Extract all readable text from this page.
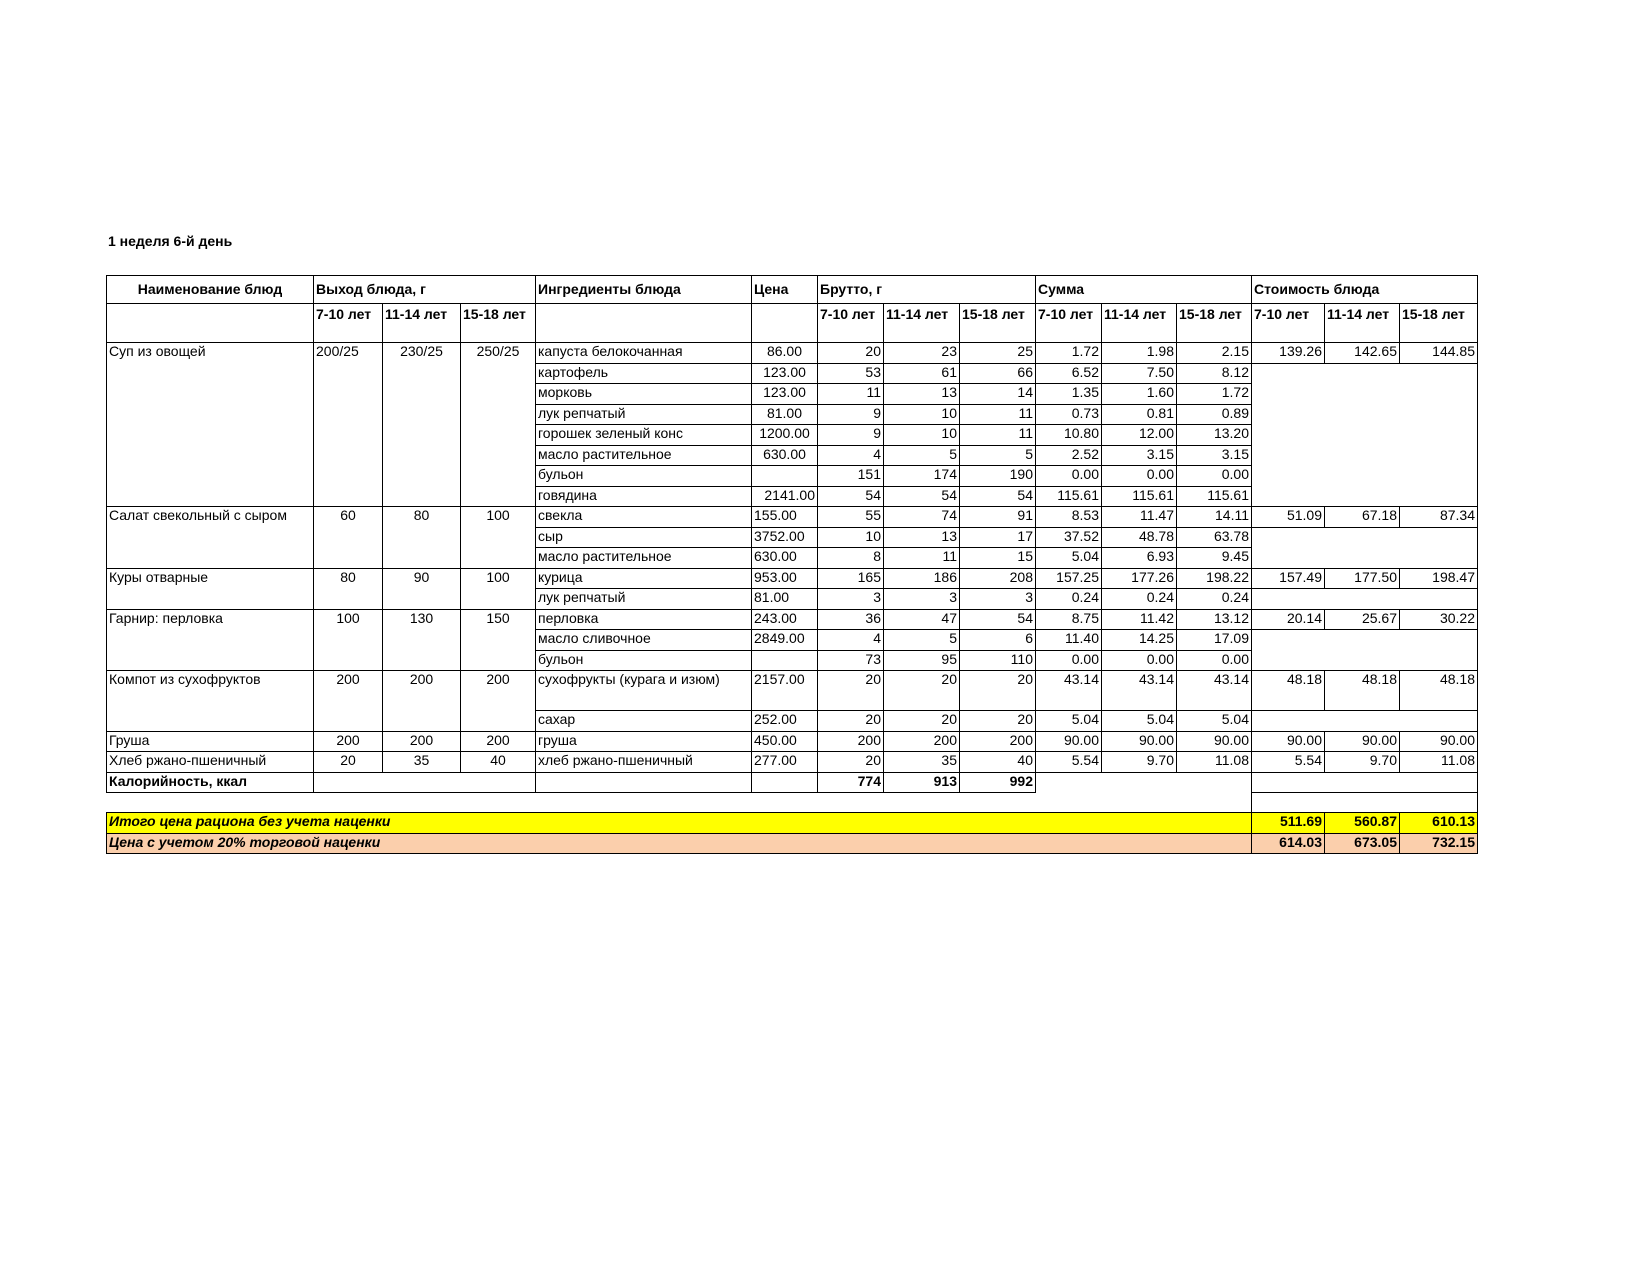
1 неделя 6-й день
Наименование блюд	Выход блюда, г			Ингредиенты блюда	Цена	Брутто, г			Сумма			Стоимость блюда		
	7-10 лет	11-14 лет	15-18 лет			7-10 лет	11-14 лет	15-18 лет	7-10 лет	11-14 лет	15-18 лет	7-10 лет	11-14 лет	15-18 лет
Суп из овощей	200/25	230/25	250/25	капуста белокочанная	86.00	20	23	25	1.72	1.98	2.15	139.26	142.65	144.85
				картофель	123.00	53	61	66	6.52	7.50	8.12			
				морковь	123.00	11	13	14	1.35	1.60	1.72			
				лук репчатый	81.00	9	10	11	0.73	0.81	0.89			
				горошек зеленый конс	1200.00	9	10	11	10.80	12.00	13.20			
				масло растительное	630.00	4	5	5	2.52	3.15	3.15			
				бульон		151	174	190	0.00	0.00	0.00			
				говядина	2141.00	54	54	54	115.61	115.61	115.61			
Салат свекольный с сыром	60	80	100	свекла	155.00	55	74	91	8.53	11.47	14.11	51.09	67.18	87.34
				сыр	3752.00	10	13	17	37.52	48.78	63.78			
				масло растительное	630.00	8	11	15	5.04	6.93	9.45			
Куры отварные	80	90	100	курица	953.00	165	186	208	157.25	177.26	198.22	157.49	177.50	198.47
				лук репчатый	81.00	3	3	3	0.24	0.24	0.24			
Гарнир: перловка	100	130	150	перловка	243.00	36	47	54	8.75	11.42	13.12	20.14	25.67	30.22
				масло сливочное	2849.00	4	5	6	11.40	14.25	17.09			
				бульон		73	95	110	0.00	0.00	0.00			
Компот из сухофруктов	200	200	200	сухофрукты (курага и изюм)	2157.00	20	20	20	43.14	43.14	43.14	48.18	48.18	48.18
				сахар	252.00	20	20	20	5.04	5.04	5.04			
Груша	200	200	200	груша	450.00	200	200	200	90.00	90.00	90.00	90.00	90.00	90.00
Хлеб ржано-пшеничный	20	35	40	хлеб ржано-пшеничный	277.00	20	35	40	5.54	9.70	11.08	5.54	9.70	11.08
Калорийность, ккал						774	913	992						

Итого цена рациона без учета наценки												511.69	560.87	610.13
Цена с учетом 20% торговой наценки												614.03	673.05	732.15
